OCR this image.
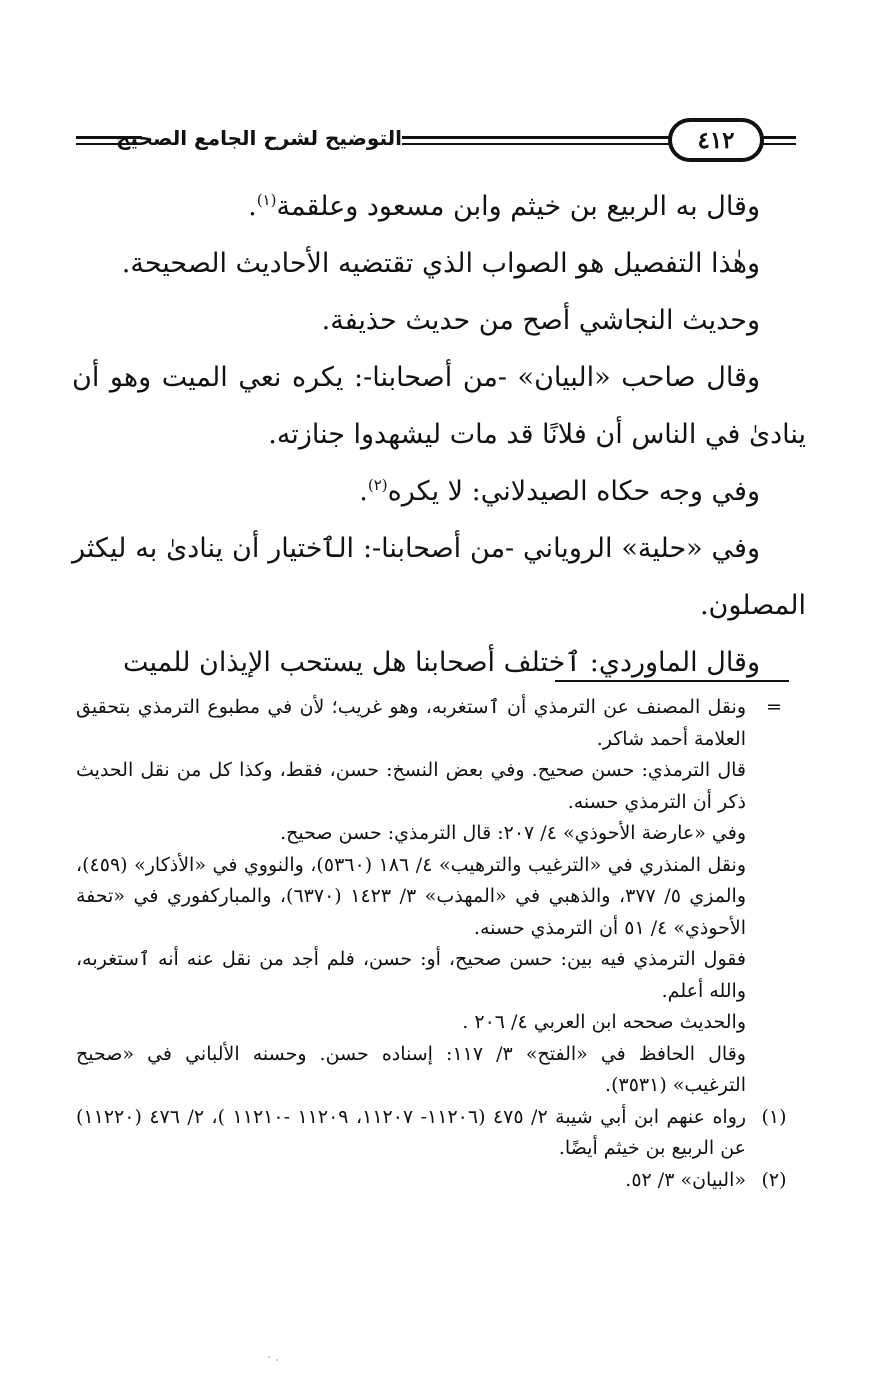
التوضيح لشرح الجامع الصحيح	٤١٢

وقال به الربيع بن خيثم وابن مسعود وعلقمة$^{(١)}$.

وهٰذا التفصيل هو الصواب الذي تقتضيه الأحاديث الصحيحة.

وحديث النجاشي أصح من حديث حذيفة.

وقال صاحب «البيان» -من أصحابنا-: يكره نعي الميت وهو أن ينادىٰ في الناس أن فلانًا قد مات ليشهدوا جنازته.

وفي وجه حكاه الصيدلاني: لا يكره$^{(٢)}$.

وفي «حلية» الروياني -من أصحابنا-: الٱختيار أن ينادىٰ به ليكثر المصلون.

وقال الماوردي: ٱختلف أصحابنا هل يستحب الإيذان للميت

=

ونقل المصنف عن الترمذي أن ٱستغربه، وهو غريب؛ لأن في مطبوع الترمذي بتحقيق العلامة أحمد شاكر.

قال الترمذي: حسن صحيح. وفي بعض النسخ: حسن، فقط، وكذا كل من نقل الحديث ذكر أن الترمذي حسنه.

وفي «عارضة الأحوذي» ٤/ ٢٠٧: قال الترمذي: حسن صحيح.

ونقل المنذري في «الترغيب والترهيب» ٤/ ١٨٦ (٥٣٦٠)، والنووي في «الأذكار» (٤٥٩)، والمزي ٥/ ٣٧٧، والذهبي في «المهذب» ٣/ ١٤٢٣ (٦٣٧٠)، والمباركفوري في «تحفة الأحوذي» ٤/ ٥١ أن الترمذي حسنه.

فقول الترمذي فيه بين: حسن صحيح، أو: حسن، فلم أجد من نقل عنه أنه ٱستغربه، والله أعلم.

والحديث صححه ابن العربي ٤/ ٢٠٦ .

وقال الحافظ في «الفتح» ٣/ ١١٧: إسناده حسن. وحسنه الألباني في «صحيح الترغيب» (٣٥٣١).

(١)

رواه عنهم ابن أبي شيبة ٢/ ٤٧٥ (١١٢٠٦- ١١٢٠٧، ١١٢٠٩ -١١٢١٠ )، ٢/ ٤٧٦ (١١٢٢٠) عن الربيع بن خيثم أيضًا.

(٢)

«البيان» ٣/ ٥٢.
